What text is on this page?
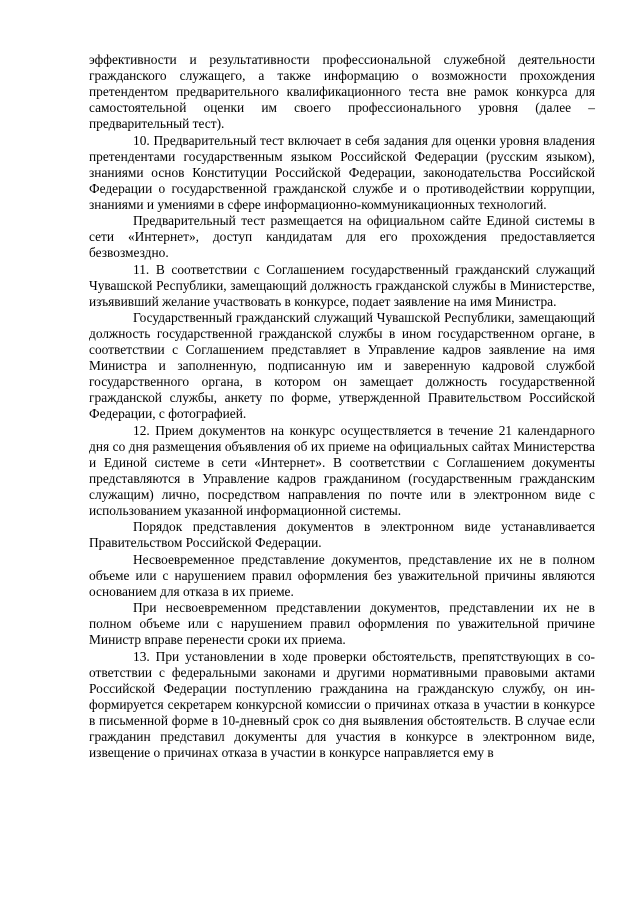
эффективности и результативности профессиональной служебной деятельности гражданского служащего, а также информацию о возможности прохождения претендентом предварительного квалификационного теста вне рамок конкурса для самостоятельной оценки им своего профессионального уровня (далее – предварительный тест).

10. Предварительный тест включает в себя задания для оценки уровня владения претендентами государственным языком Российской Федерации (русским языком), знаниями основ Конституции Российской Федерации, законодательства Российской Федерации о государственной гражданской службе и о противодействии коррупции, знаниями и умениями в сфере информационно-коммуникационных технологий.

Предварительный тест размещается на официальном сайте Единой системы в сети «Интернет», доступ кандидатам для его прохождения предоставляется безвозмездно.

11. В соответствии с Соглашением государственный гражданский служащий Чувашской Республики, замещающий должность гражданской службы в Министерстве, изъявивший желание участвовать в конкурсе, подает заявление на имя Министра.

Государственный гражданский служащий Чувашской Республики, замещающий должность государственной гражданской службы в ином государственном органе, в соответствии с Соглашением представляет в Управление кадров заявление на имя Министра и заполненную, подписанную им и заверенную кадровой службой государственного органа, в котором он замещает должность государственной гражданской службы, анкету по форме, утвержденной Правительством Российской Федерации, с фотографией.

12. Прием документов на конкурс осуществляется в течение 21 календарного дня со дня размещения объявления об их приеме на официальных сайтах Министерства и Единой системе в сети «Интернет». В соответствии с Соглашением документы представляются в Управление кадров гражданином (государственным гражданским служащим) лично, посредством направления по почте или в электронном виде с использованием указанной информационной системы.

Порядок представления документов в электронном виде устанавливается Правительством Российской Федерации.

Несвоевременное представление документов, представление их не в полном объеме или с нарушением правил оформления без уважительной причины являются основанием для отказа в их приеме.

При несвоевременном представлении документов, представлении их не в полном объеме или с нарушением правил оформления по уважительной причине Министр вправе перенести сроки их приема.

13. При установлении в ходе проверки обстоятельств, препятствующих в соответствии с федеральными законами и другими нормативными правовыми актами Российской Федерации поступлению гражданина на гражданскую службу, он информируется секретарем конкурсной комиссии о причинах отказа в участии в конкурсе в письменной форме в 10-дневный срок со дня выявления обстоятельств. В случае если гражданин представил документы для участия в конкурсе в электронном виде, извещение о причинах отказа в участии в конкурсе направляется ему в
